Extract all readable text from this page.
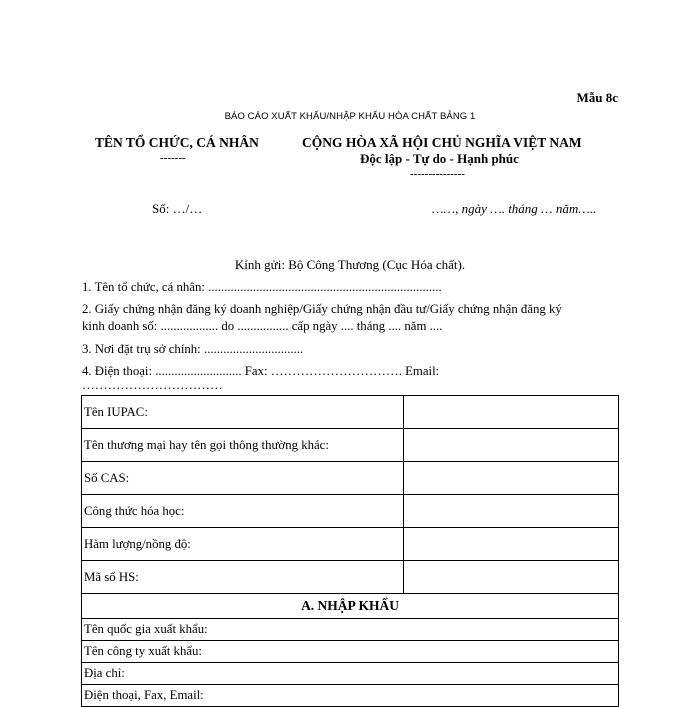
Mẫu 8c
BÁO CÁO XUẤT KHẨU/NHẬP KHẨU HÓA CHẤT BẢNG 1
TÊN TỔ CHỨC, CÁ NHÂN
-------
CỘNG HÒA XÃ HỘI CHỦ NGHĨA VIỆT NAM
Độc lập - Tự do - Hạnh phúc
---------------
Số: …/…	……, ngày …. tháng … năm…..
Kính gửi: Bộ Công Thương (Cục Hóa chất).
1. Tên tổ chức, cá nhân: .........................................................................
2. Giấy chứng nhận đăng ký doanh nghiệp/Giấy chứng nhận đầu tư/Giấy chứng nhận đăng ký
kinh doanh số: .................. do ................ cấp ngày .... tháng .... năm ....
3. Nơi đặt trụ sở chính: ...............................
4. Điện thoại: ........................... Fax: …………………………. Email:
……………………………
Tên IUPAC:	
Tên thương mại hay tên gọi thông thường khác:	
Số CAS:	
Công thức hóa học:	
Hàm lượng/nồng độ:	
Mã số HS:	
A. NHẬP KHẨU	
Tên quốc gia xuất khẩu:	
Tên công ty xuất khẩu:	
Địa chỉ:	
Điện thoại, Fax, Email:	
